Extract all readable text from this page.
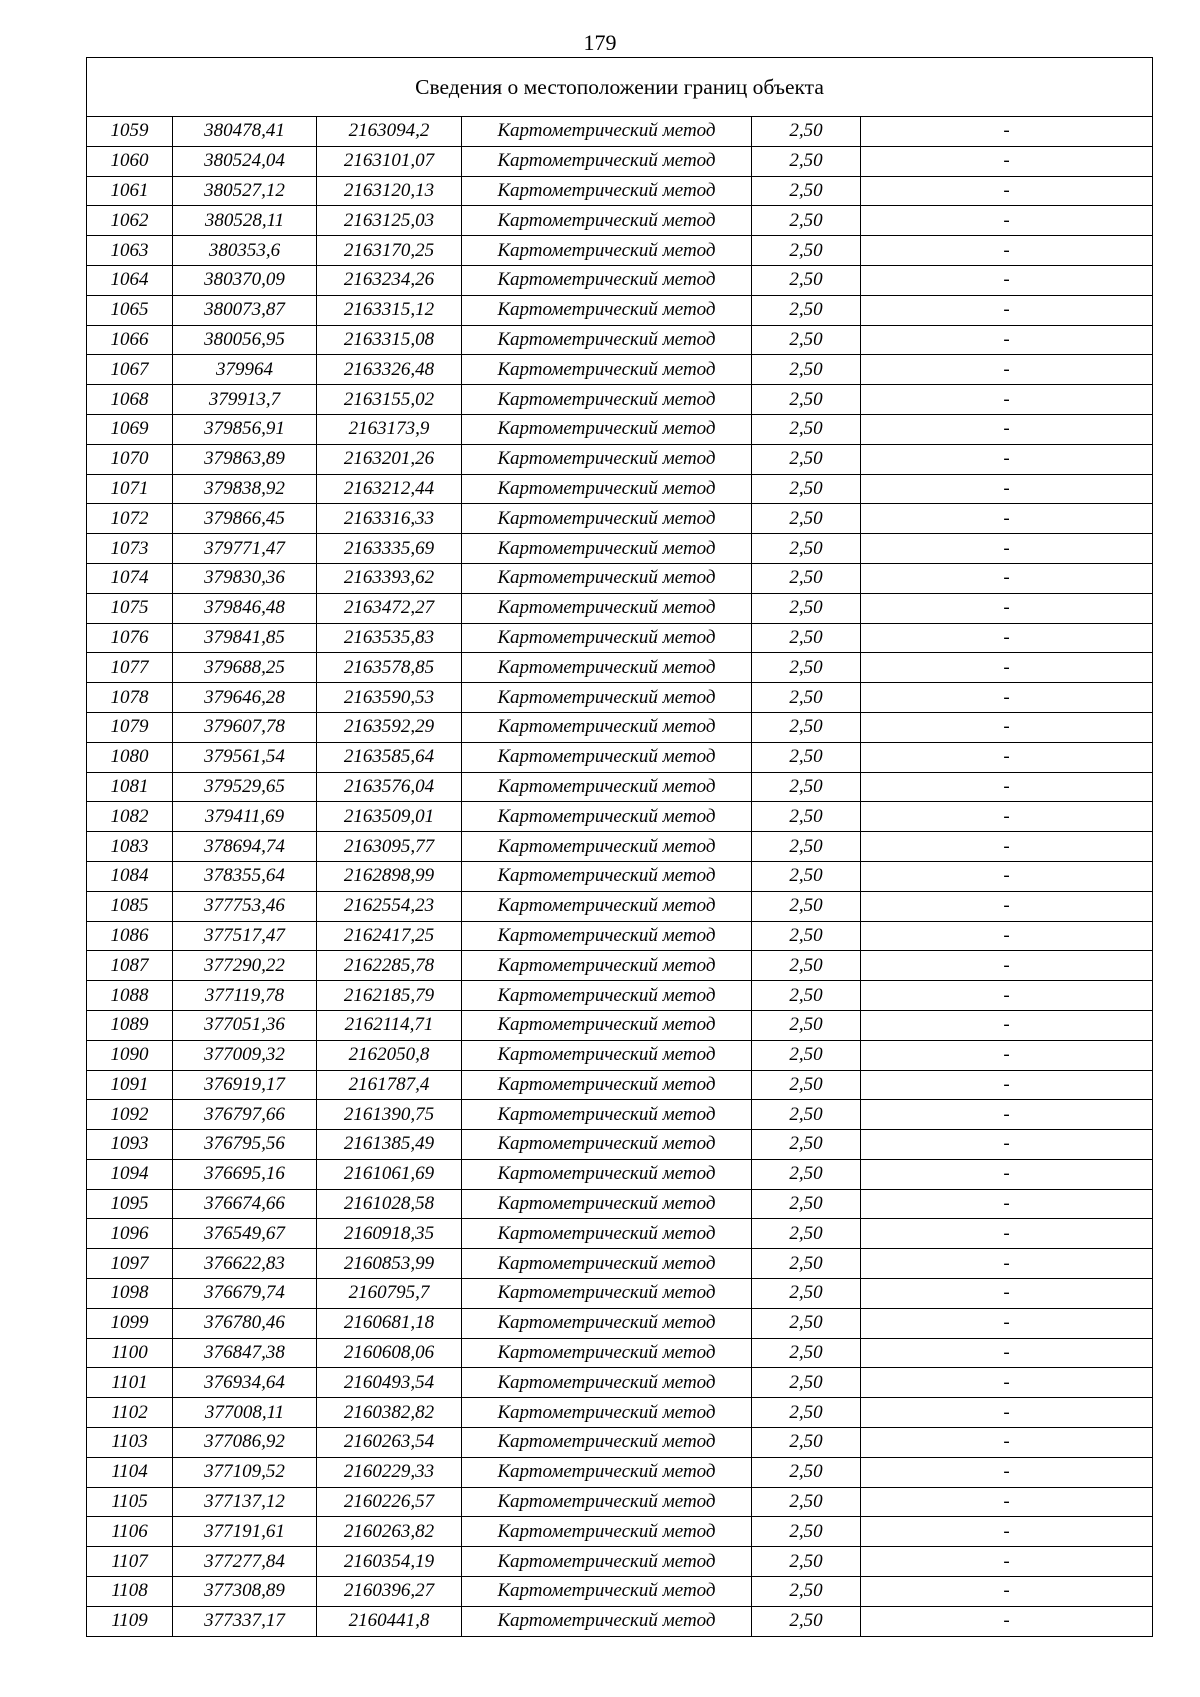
179
Сведения о местоположении границ объекта					
1059	380478,41	2163094,2	Картометрический метод	2,50	-
1060	380524,04	2163101,07	Картометрический метод	2,50	-
1061	380527,12	2163120,13	Картометрический метод	2,50	-
1062	380528,11	2163125,03	Картометрический метод	2,50	-
1063	380353,6	2163170,25	Картометрический метод	2,50	-
1064	380370,09	2163234,26	Картометрический метод	2,50	-
1065	380073,87	2163315,12	Картометрический метод	2,50	-
1066	380056,95	2163315,08	Картометрический метод	2,50	-
1067	379964	2163326,48	Картометрический метод	2,50	-
1068	379913,7	2163155,02	Картометрический метод	2,50	-
1069	379856,91	2163173,9	Картометрический метод	2,50	-
1070	379863,89	2163201,26	Картометрический метод	2,50	-
1071	379838,92	2163212,44	Картометрический метод	2,50	-
1072	379866,45	2163316,33	Картометрический метод	2,50	-
1073	379771,47	2163335,69	Картометрический метод	2,50	-
1074	379830,36	2163393,62	Картометрический метод	2,50	-
1075	379846,48	2163472,27	Картометрический метод	2,50	-
1076	379841,85	2163535,83	Картометрический метод	2,50	-
1077	379688,25	2163578,85	Картометрический метод	2,50	-
1078	379646,28	2163590,53	Картометрический метод	2,50	-
1079	379607,78	2163592,29	Картометрический метод	2,50	-
1080	379561,54	2163585,64	Картометрический метод	2,50	-
1081	379529,65	2163576,04	Картометрический метод	2,50	-
1082	379411,69	2163509,01	Картометрический метод	2,50	-
1083	378694,74	2163095,77	Картометрический метод	2,50	-
1084	378355,64	2162898,99	Картометрический метод	2,50	-
1085	377753,46	2162554,23	Картометрический метод	2,50	-
1086	377517,47	2162417,25	Картометрический метод	2,50	-
1087	377290,22	2162285,78	Картометрический метод	2,50	-
1088	377119,78	2162185,79	Картометрический метод	2,50	-
1089	377051,36	2162114,71	Картометрический метод	2,50	-
1090	377009,32	2162050,8	Картометрический метод	2,50	-
1091	376919,17	2161787,4	Картометрический метод	2,50	-
1092	376797,66	2161390,75	Картометрический метод	2,50	-
1093	376795,56	2161385,49	Картометрический метод	2,50	-
1094	376695,16	2161061,69	Картометрический метод	2,50	-
1095	376674,66	2161028,58	Картометрический метод	2,50	-
1096	376549,67	2160918,35	Картометрический метод	2,50	-
1097	376622,83	2160853,99	Картометрический метод	2,50	-
1098	376679,74	2160795,7	Картометрический метод	2,50	-
1099	376780,46	2160681,18	Картометрический метод	2,50	-
1100	376847,38	2160608,06	Картометрический метод	2,50	-
1101	376934,64	2160493,54	Картометрический метод	2,50	-
1102	377008,11	2160382,82	Картометрический метод	2,50	-
1103	377086,92	2160263,54	Картометрический метод	2,50	-
1104	377109,52	2160229,33	Картометрический метод	2,50	-
1105	377137,12	2160226,57	Картометрический метод	2,50	-
1106	377191,61	2160263,82	Картометрический метод	2,50	-
1107	377277,84	2160354,19	Картометрический метод	2,50	-
1108	377308,89	2160396,27	Картометрический метод	2,50	-
1109	377337,17	2160441,8	Картометрический метод	2,50	-
